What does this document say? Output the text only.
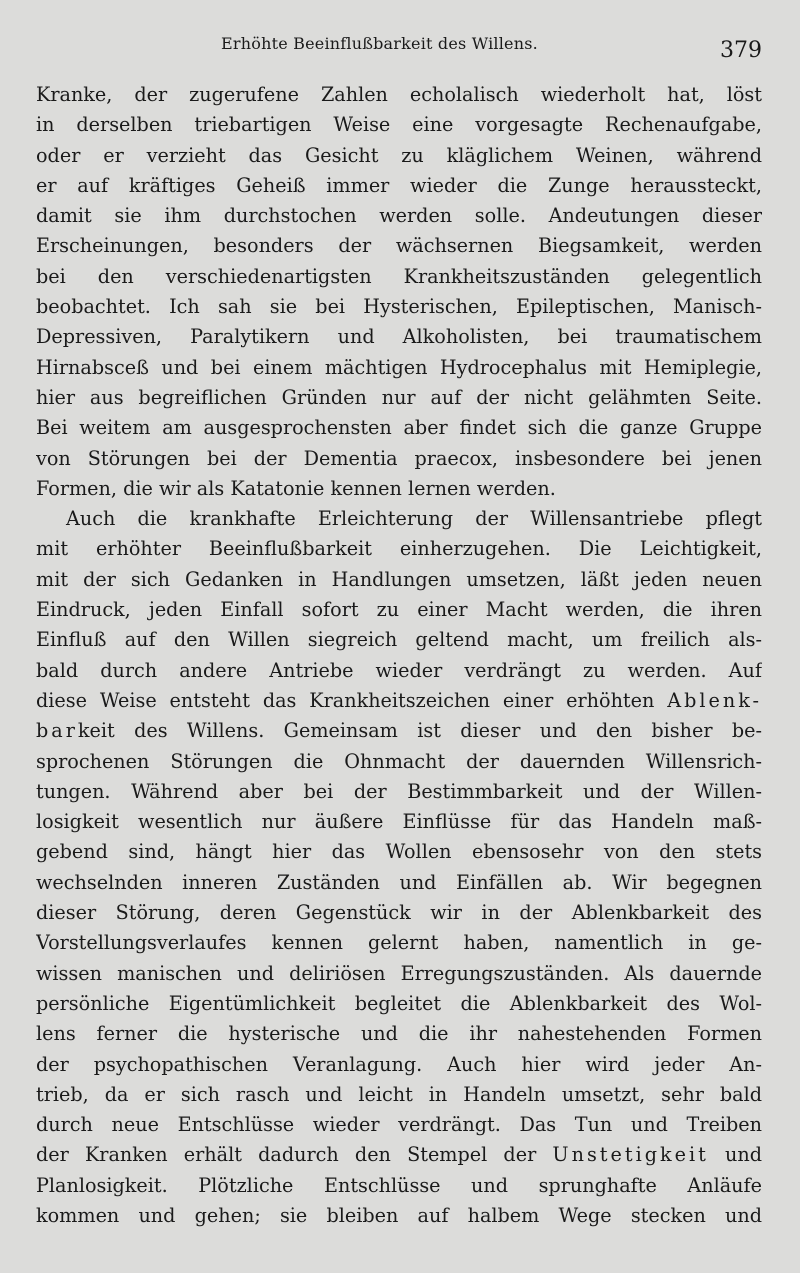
Erhöhte Beeinflußbarkeit des Willens.	379
Kranke, der zugerufene Zahlen echolalisch wiederholt hat, löst
in derselben triebartigen Weise eine vorgesagte Rechenaufgabe,
oder er verzieht das Gesicht zu kläglichem Weinen, während
er auf kräftiges Geheiß immer wieder die Zunge heraussteckt,
damit sie ihm durchstochen werden solle. Andeutungen dieser
Erscheinungen, besonders der wächsernen Biegsamkeit, werden
bei den verschiedenartigsten Krankheitszuständen gelegentlich
beobachtet. Ich sah sie bei Hysterischen, Epileptischen, Manisch-
Depressiven, Paralytikern und Alkoholisten, bei traumatischem
Hirnabsceß und bei einem mächtigen Hydrocephalus mit Hemiplegie,
hier aus begreiflichen Gründen nur auf der nicht gelähmten Seite.
Bei weitem am ausgesprochensten aber findet sich die ganze Gruppe
von Störungen bei der Dementia praecox, insbesondere bei jenen
Formen, die wir als Katatonie kennen lernen werden.
Auch die krankhafte Erleichterung der Willensantriebe pflegt
mit erhöhter Beeinflußbarkeit einherzugehen. Die Leichtigkeit,
mit der sich Gedanken in Handlungen umsetzen, läßt jeden neuen
Eindruck, jeden Einfall sofort zu einer Macht werden, die ihren
Einfluß auf den Willen siegreich geltend macht, um freilich als-
bald durch andere Antriebe wieder verdrängt zu werden. Auf
diese Weise entsteht das Krankheitszeichen einer erhöhten Ablenk-
barkeit des Willens. Gemeinsam ist dieser und den bisher be-
sprochenen Störungen die Ohnmacht der dauernden Willensrich-
tungen. Während aber bei der Bestimmbarkeit und der Willen-
losigkeit wesentlich nur äußere Einflüsse für das Handeln maß-
gebend sind, hängt hier das Wollen ebensosehr von den stets
wechselnden inneren Zuständen und Einfällen ab. Wir begegnen
dieser Störung, deren Gegenstück wir in der Ablenkbarkeit des
Vorstellungsverlaufes kennen gelernt haben, namentlich in ge-
wissen manischen und deliriösen Erregungszuständen. Als dauernde
persönliche Eigentümlichkeit begleitet die Ablenkbarkeit des Wol-
lens ferner die hysterische und die ihr nahestehenden Formen
der psychopathischen Veranlagung. Auch hier wird jeder An-
trieb, da er sich rasch und leicht in Handeln umsetzt, sehr bald
durch neue Entschlüsse wieder verdrängt. Das Tun und Treiben
der Kranken erhält dadurch den Stempel der Unstetigkeit und
Planlosigkeit. Plötzliche Entschlüsse und sprunghafte Anläufe
kommen und gehen; sie bleiben auf halbem Wege stecken und
